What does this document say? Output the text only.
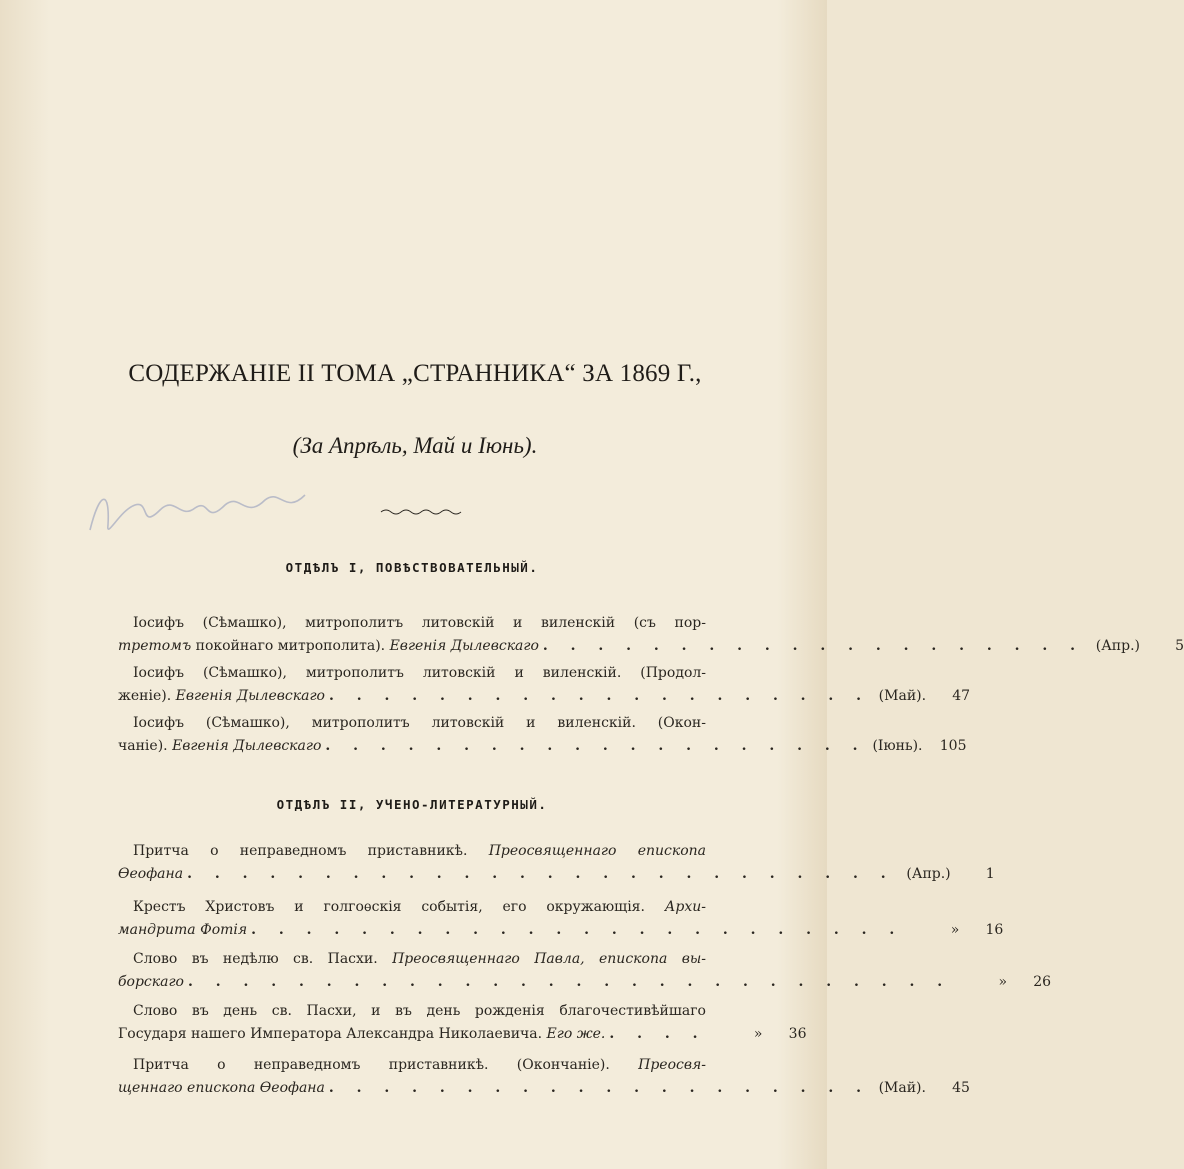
СОДЕРЖАНІЕ II ТОМА „СТРАННИКА“ ЗА 1869 Г.,
(За Апрѣль, Май и Іюнь).
ОТДѢЛЪ I, ПОВѢСТВОВАТЕЛЬНЫЙ.
Іосифъ (Сѣмашко), митрополитъ литовскій и виленскій (съ пор-
третомъ покойнаго митрополита). Евгенія Дылевскаго . . . . . . . . . . . . . . . . . . . . (Апр.)	5
Іосифъ (Сѣмашко), митрополитъ литовскій и виленскій. (Продол-
женіе). Евгенія Дылевскаго . . . . . . . . . . . . . . . . . . . . (Май).	47
Іосифъ (Сѣмашко), митрополитъ литовскій и виленскій. (Окон-
чаніе). Евгенія Дылевскаго . . . . . . . . . . . . . . . . . . . . (Іюнь).	105
ОТДѢЛЪ II, УЧЕНО-ЛИТЕРАТУРНЫЙ.
Притча о неправедномъ приставникѣ. Преосвященнаго епископа
Ѳеофана . . . . . . . . . . . . . . . . . . . . . . . . . . (Апр.)	1
Крестъ Христовъ и голгоѳскія событія, его окружающія. Архи-
мандрита Фотія . . . . . . . . . . . . . . . . . . . . . . . .	»	16
Слово въ недѣлю св. Пасхи. Преосвященнаго Павла, епископа вы-
борскаго . . . . . . . . . . . . . . . . . . . . . . . . . . . .	»	26
Слово въ день св. Пасхи, и въ день рожденія благочестивѣйшаго
Государя нашего Императора Александра Николаевича. Его же. . . . .	»	36
Притча о неправедномъ приставникѣ. (Окончаніе). Преосвя-
щеннаго епископа Ѳеофана . . . . . . . . . . . . . . . . . . . . (Май).	45
